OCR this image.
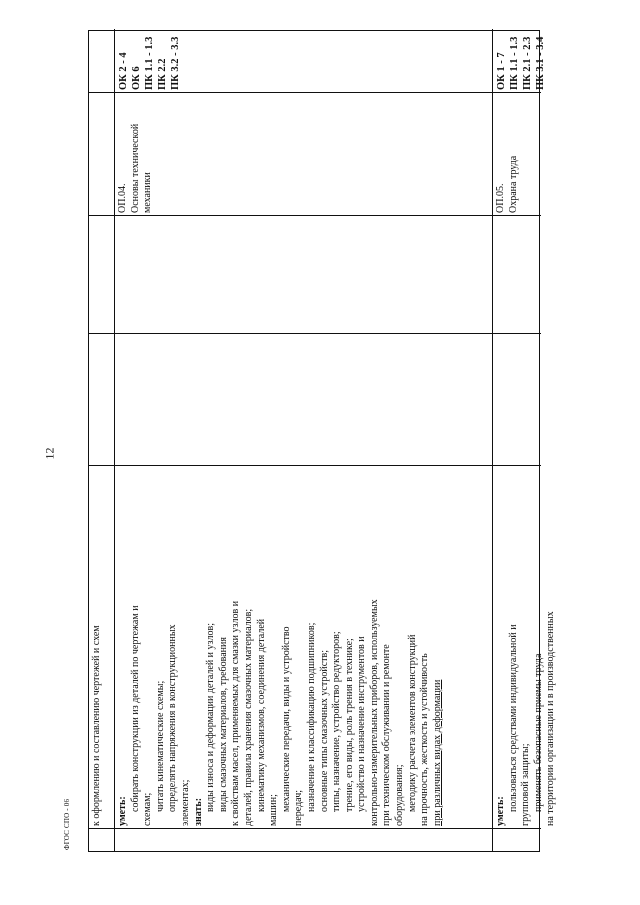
12
ФГОС СПО - 06 к оформлению и составлению чертежей и схем уметь: собирать конструкции из деталей по чертежам и схемам; читать кинематические схемы; определять напряжения в конструкционных элементах; знать: виды износа и деформации деталей и узлов; виды смазочных материалов, требования к свойствам масел, применяемых для смазки узлов и деталей, правила хранения смазочных материалов; кинематику механизмов, соединения деталей машин; механические передачи, виды и устройство передач; назначение и классификацию подшипников; основные типы смазочных устройств; типы, назначение, устройство редукторов; трение, его виды, роль трения в технике; устройство и назначение инструментов и контрольно-измерительных приборов, используемых при техническом обслуживании и ремонте оборудования; методику расчета элементов конструкций на прочность, жесткость и устойчивость при различных видах деформации
ОП.04. Основы технической механики
ОК 2 - 4 ОК 6 ПК 1.1 - 1.3 ПК 2.2 ПК 3.2 - 3.3
уметь: пользоваться средствами индивидуальной и групповой защиты; применять безопасные приемы труда на территории организации и в производственных
ОП.05. Охрана труда
ОК 1 - 7 ПК 1.1 - 1.3 ПК 2.1 - 2.3 ПК 3.1 - 3.4
